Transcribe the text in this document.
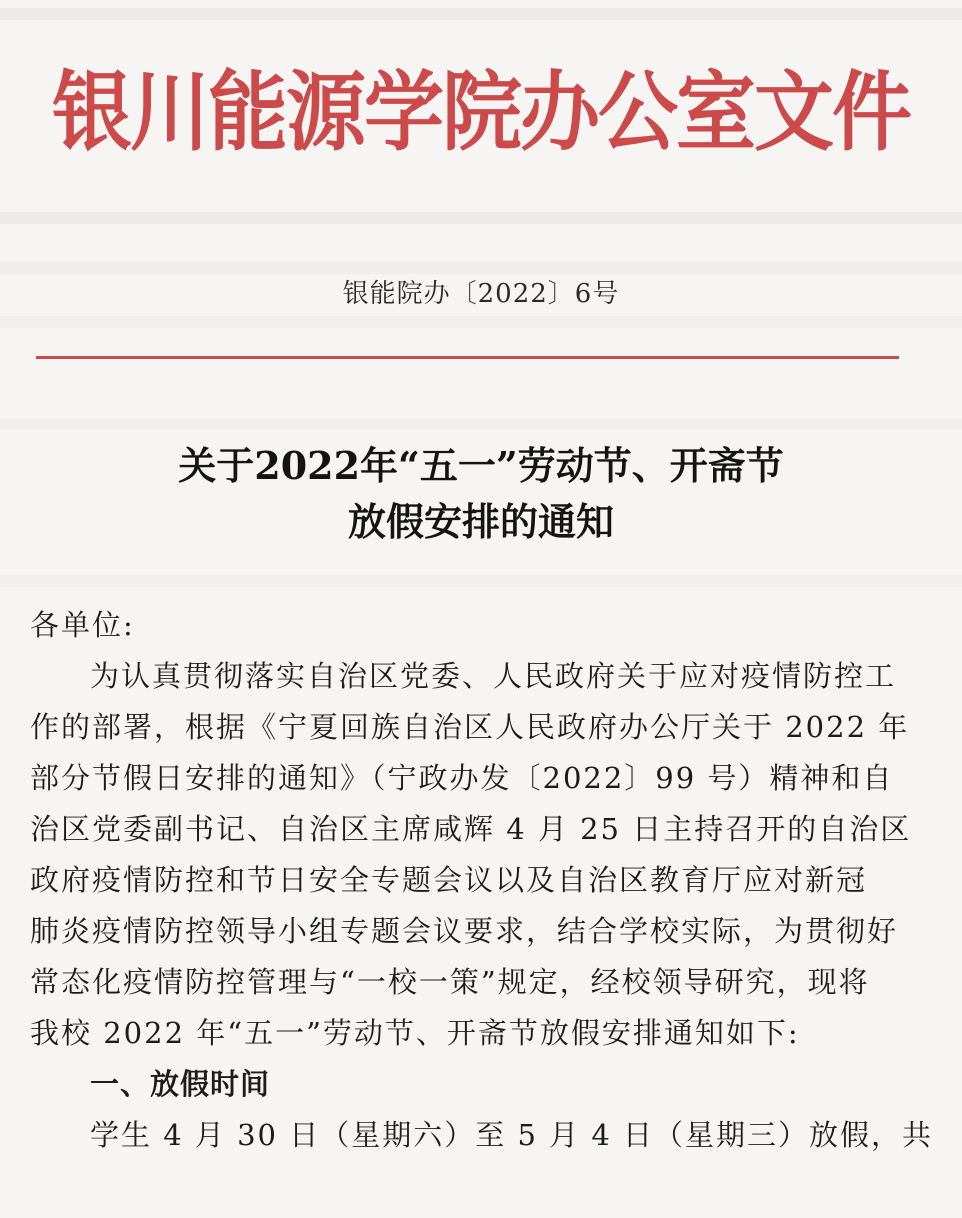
银川能源学院办公室文件
银能院办〔2022〕6号
关于2022年“五一”劳动节、开斋节
放假安排的通知

各单位:

为认真贯彻落实自治区党委、人民政府关于应对疫情防控工

作的部署，根据《宁夏回族自治区人民政府办公厅关于 2022 年

部分节假日安排的通知》（宁政办发〔2022〕99 号）精神和自

治区党委副书记、自治区主席咸辉 4 月 25 日主持召开的自治区

政府疫情防控和节日安全专题会议以及自治区教育厅应对新冠

肺炎疫情防控领导小组专题会议要求，结合学校实际，为贯彻好

常态化疫情防控管理与“一校一策”规定，经校领导研究，现将

我校 2022 年“五一”劳动节、开斋节放假安排通知如下:

一、放假时间

学生 4 月 30 日（星期六）至 5 月 4 日（星期三）放假，共
